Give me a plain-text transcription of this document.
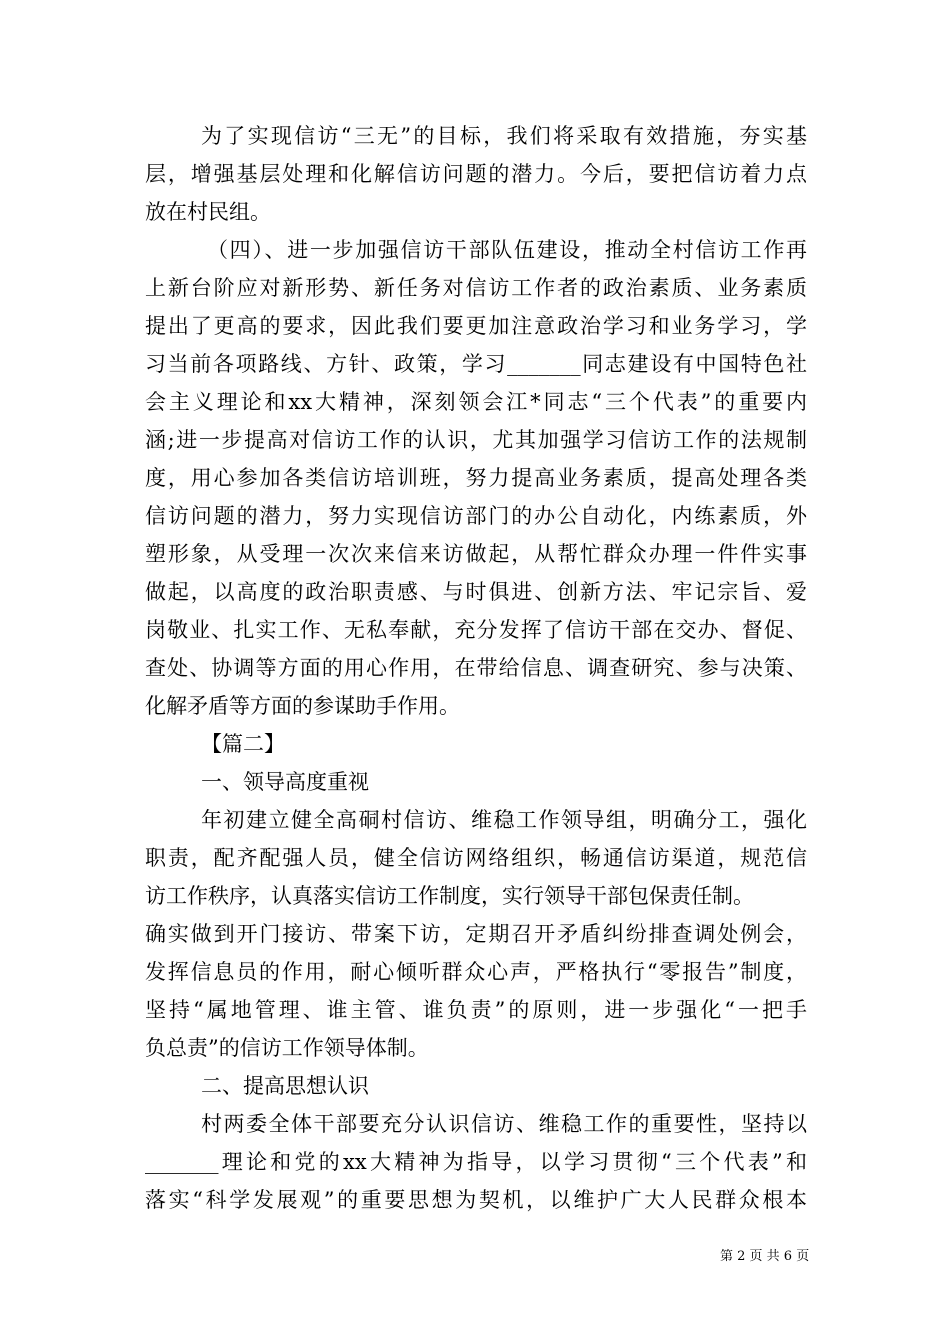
为了实现信访“三无”的目标，我们将采取有效措施，夯实基
层，增强基层处理和化解信访问题的潜力。今后，要把信访着力点
放在村民组。
（四）、进一步加强信访干部队伍建设，推动全村信访工作再
上新台阶应对新形势、新任务对信访工作者的政治素质、业务素质
提出了更高的要求，因此我们要更加注意政治学习和业务学习，学
习当前各项路线、方针、政策，学习_______同志建设有中国特色社
会主义理论和xx大精神，深刻领会江*同志“三个代表”的重要内
涵;进一步提高对信访工作的认识，尤其加强学习信访工作的法规制
度，用心参加各类信访培训班，努力提高业务素质，提高处理各类
信访问题的潜力，努力实现信访部门的办公自动化，内练素质，外
塑形象，从受理一次次来信来访做起，从帮忙群众办理一件件实事
做起，以高度的政治职责感、与时俱进、创新方法、牢记宗旨、爱
岗敬业、扎实工作、无私奉献，充分发挥了信访干部在交办、督促、
查处、协调等方面的用心作用，在带给信息、调查研究、参与决策、
化解矛盾等方面的参谋助手作用。
【篇二】
一、领导高度重视
年初建立健全高硐村信访、维稳工作领导组，明确分工，强化
职责，配齐配强人员，健全信访网络组织，畅通信访渠道，规范信
访工作秩序，认真落实信访工作制度，实行领导干部包保责任制。
确实做到开门接访、带案下访，定期召开矛盾纠纷排查调处例会，
发挥信息员的作用，耐心倾听群众心声，严格执行“零报告”制度，
坚持“属地管理、谁主管、谁负责”的原则，进一步强化“一把手
负总责”的信访工作领导体制。
二、提高思想认识
村两委全体干部要充分认识信访、维稳工作的重要性，坚持以
_______理论和党的xx大精神为指导，以学习贯彻“三个代表”和
落实“科学发展观”的重要思想为契机，以维护广大人民群众根本
第 2 页 共 6 页
